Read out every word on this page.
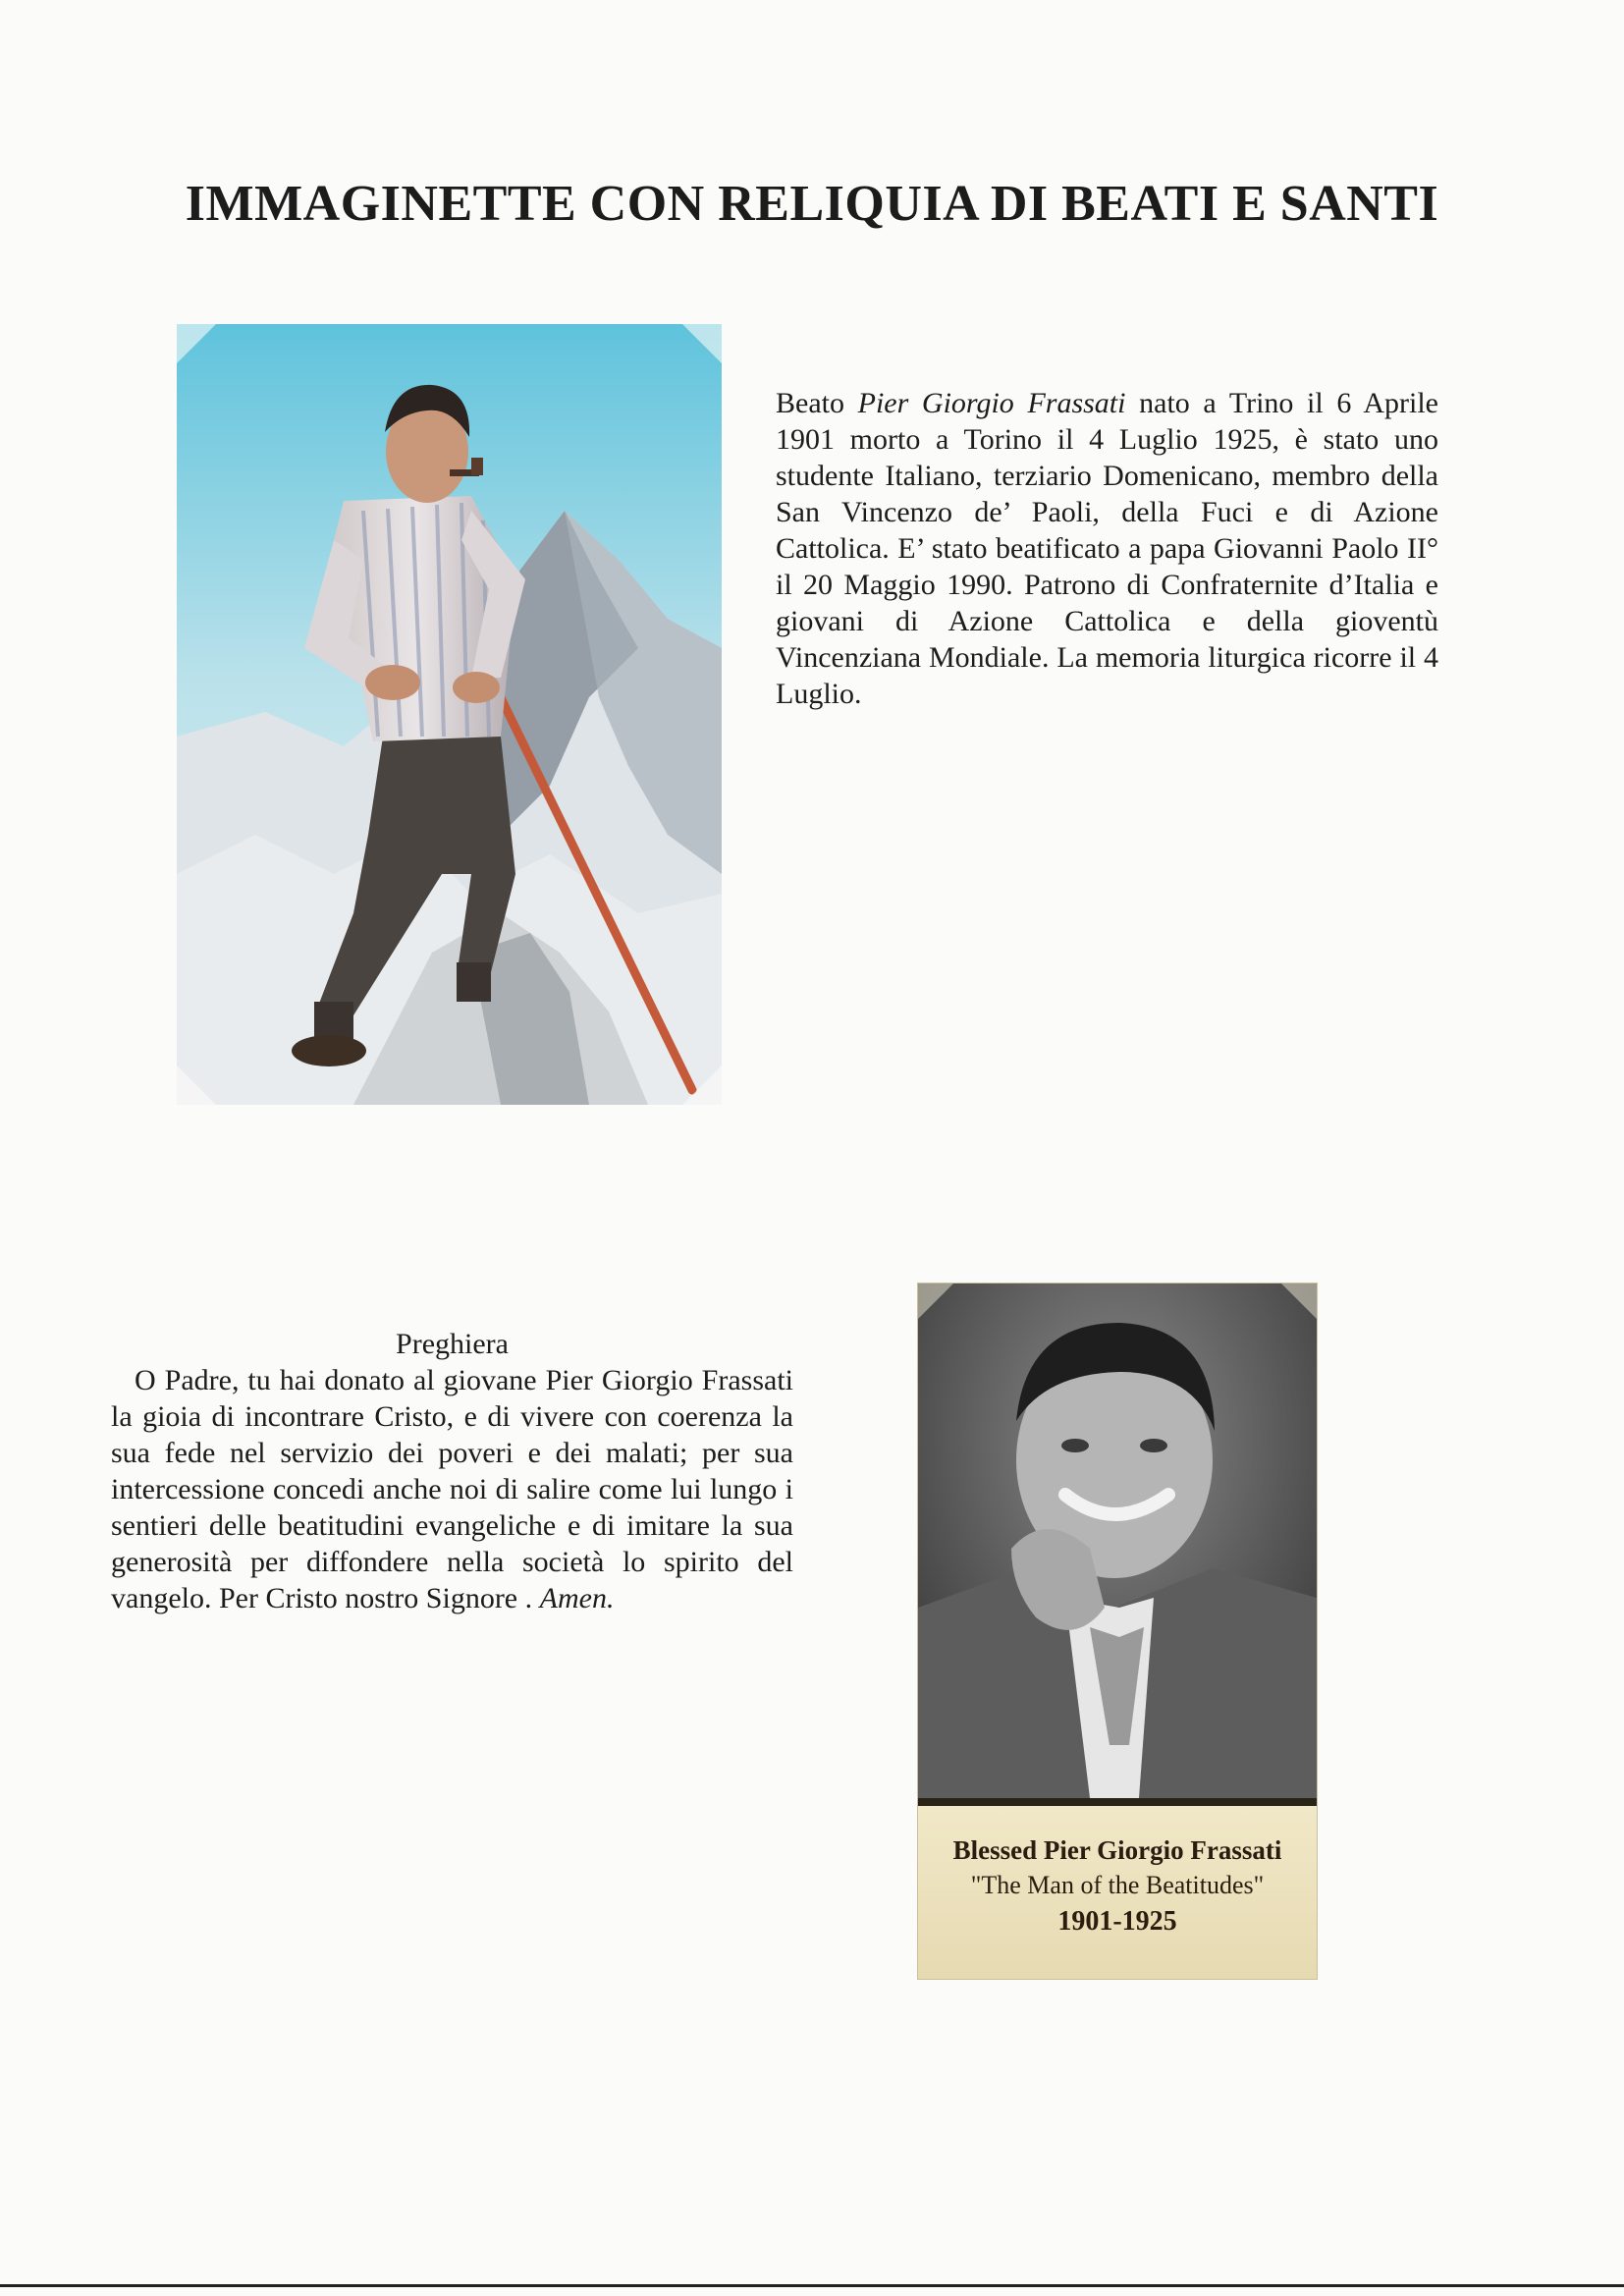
IMMAGINETTE CON RELIQUIA DI BEATI E SANTI

Beato Pier Giorgio Frassati nato a Trino il 6 Aprile 1901 morto a Torino il 4 Luglio 1925, è stato uno studente Italiano, terziario Domenicano, membro della San Vincenzo de’ Paoli, della Fuci e di Azione Cattolica. E’ stato beatificato a papa Giovanni Paolo II° il 20 Maggio 1990. Patrono di Confraternite d’Italia e giovani di Azione Cattolica e della gioventù Vincenziana Mondiale. La memoria liturgica ricorre il 4 Luglio.

Preghiera

O Padre, tu hai donato al giovane Pier Giorgio Frassati la gioia di incontrare Cristo, e di vivere con coerenza la sua fede nel servizio dei poveri e dei malati; per sua intercessione concedi anche noi di salire come lui lungo i sentieri delle beatitudini evangeliche e di imitare la sua generosità per diffondere nella società lo spirito del vangelo. Per Cristo nostro Signore . Amen.

Blessed Pier Giorgio Frassati
"The Man of the Beatitudes"
1901-1925
